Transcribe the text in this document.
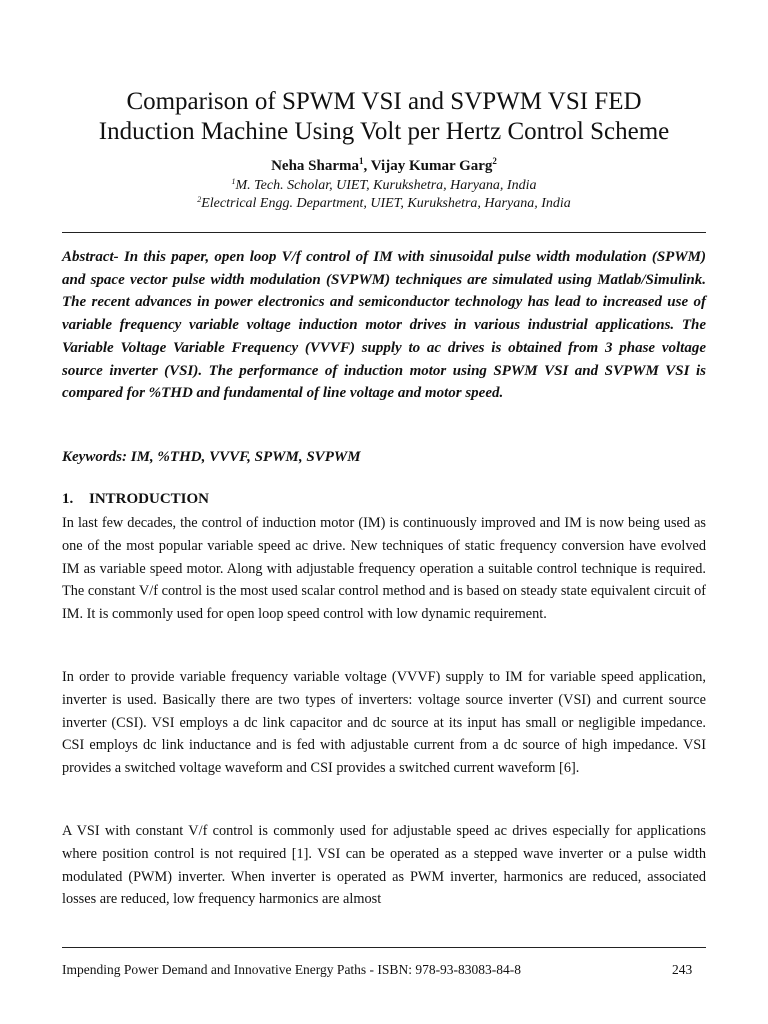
Comparison of SPWM VSI and SVPWM VSI FED
Induction Machine Using Volt per Hertz Control Scheme
Neha Sharma$^1$, Vijay Kumar Garg$^2$
$^1$M. Tech. Scholar, UIET, Kurukshetra, Haryana, India
$^2$Electrical Engg. Department, UIET, Kurukshetra, Haryana, India
Abstract- In this paper, open loop V/f control of IM with sinusoidal pulse width modulation (SPWM) and space vector pulse width modulation (SVPWM) techniques are simulated using Matlab/Simulink. The recent advances in power electronics and semiconductor technology has lead to increased use of variable frequency variable voltage induction motor drives in various industrial applications. The Variable Voltage Variable Frequency (VVVF) supply to ac drives is obtained from 3 phase voltage source inverter (VSI). The performance of induction motor using SPWM VSI and SVPWM VSI is compared for %THD and fundamental of line voltage and motor speed.
Keywords: IM, %THD, VVVF, SPWM, SVPWM
1. INTRODUCTION
In last few decades, the control of induction motor (IM) is continuously improved and IM is now being used as one of the most popular variable speed ac drive. New techniques of static frequency conversion have evolved IM as variable speed motor. Along with adjustable frequency operation a suitable control technique is required. The constant V/f control is the most used scalar control method and is based on steady state equivalent circuit of IM. It is commonly used for open loop speed control with low dynamic requirement.
In order to provide variable frequency variable voltage (VVVF) supply to IM for variable speed application, inverter is used. Basically there are two types of inverters: voltage source inverter (VSI) and current source inverter (CSI). VSI employs a dc link capacitor and dc source at its input has small or negligible impedance. CSI employs dc link inductance and is fed with adjustable current from a dc source of high impedance. VSI provides a switched voltage waveform and CSI provides a switched current waveform [6].
A VSI with constant V/f control is commonly used for adjustable speed ac drives especially for applications where position control is not required [1]. VSI can be operated as a stepped wave inverter or a pulse width modulated (PWM) inverter. When inverter is operated as PWM inverter, harmonics are reduced, associated losses are reduced, low frequency harmonics are almost
Impending Power Demand and Innovative Energy Paths - ISBN: 978-93-83083-84-8	243
